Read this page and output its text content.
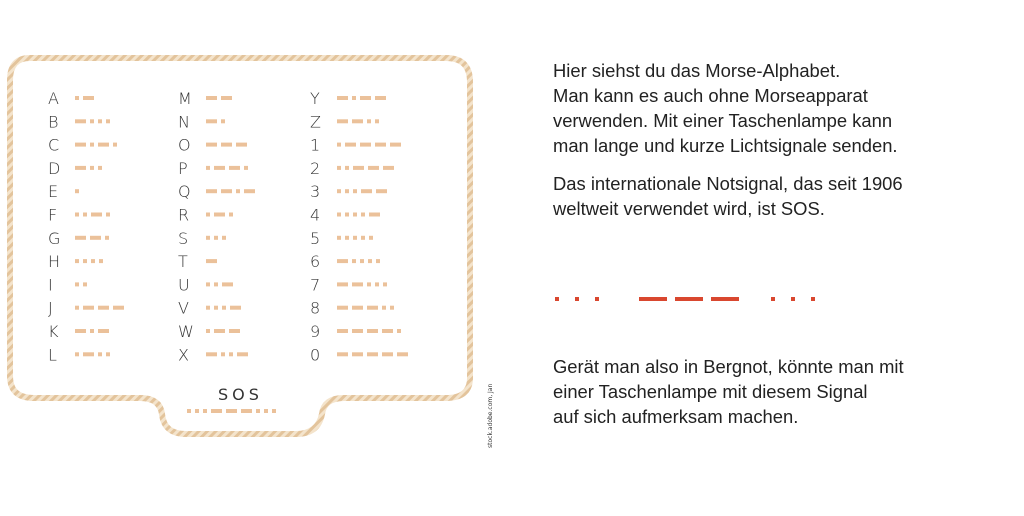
A
B
C
D
E
F
G
H
I
J
K
L
M
N
O
P
Q
R
S
T
U
V
W
X
Y
Z
1
2
3
4
5
6
7
8
9
0
SOS	stock.adobe.com, Jan

Hier siehst du das Morse-Alphabet.
Man kann es auch ohne Morseapparat
verwenden. Mit einer Taschenlampe kann
man lange und kurze Lichtsignale senden.

Das internationale Notsignal, das seit 1906
weltweit verwendet wird, ist SOS.

Gerät man also in Bergnot, könnte man mit
einer Taschenlampe mit diesem Signal
auf sich aufmerksam machen.
